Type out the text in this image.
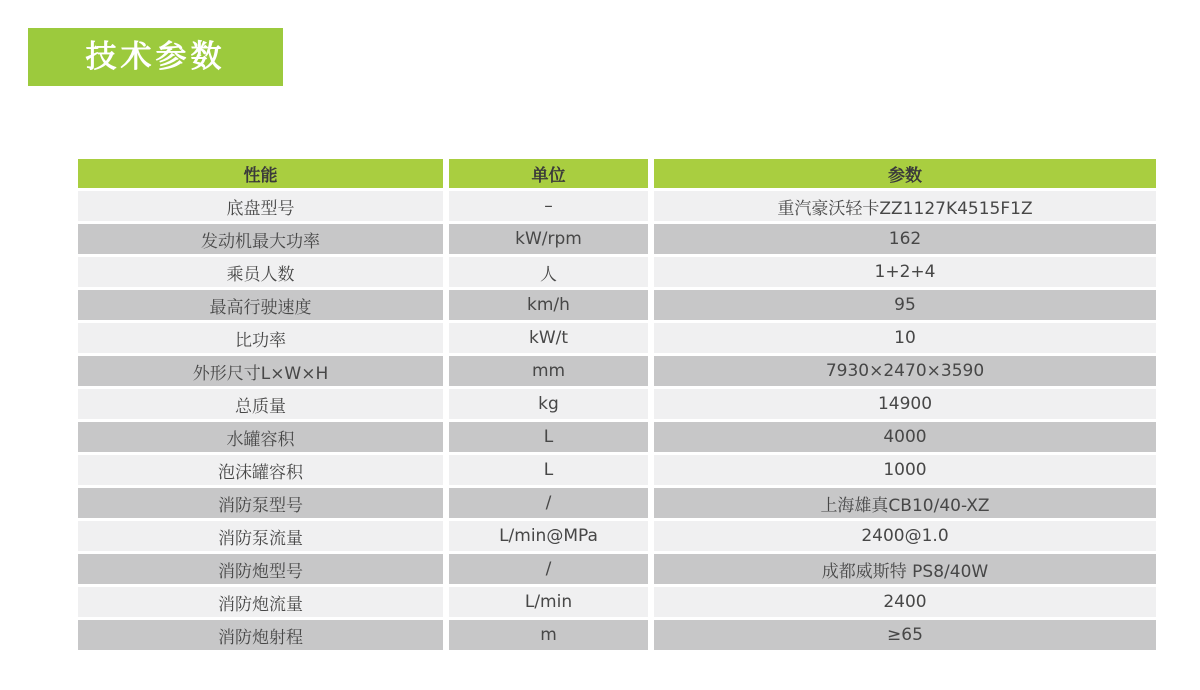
技术参数
性能	单位	参数
底盘型号	–	重汽豪沃轻卡ZZ1127K4515F1Z
发动机最大功率	kW/rpm	162
乘员人数	人	1+2+4
最高行驶速度	km/h	95
比功率	kW/t	10
外形尺寸L×W×H	mm	7930×2470×3590
总质量	kg	14900
水罐容积	L	4000
泡沫罐容积	L	1000
消防泵型号	/	上海雄真CB10/40-XZ
消防泵流量	L/min@MPa	2400@1.0
消防炮型号	/	成都威斯特 PS8/40W
消防炮流量	L/min	2400
消防炮射程	m	≥65
